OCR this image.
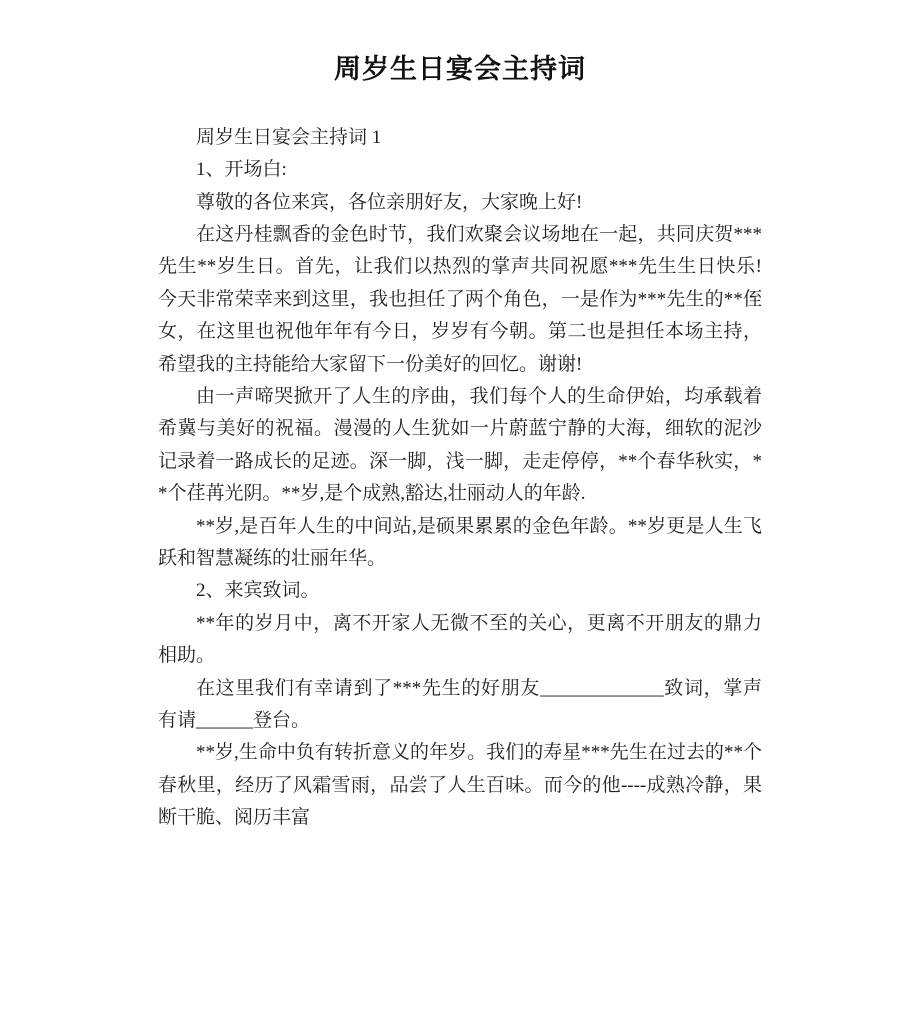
周岁生日宴会主持词

周岁生日宴会主持词 1

1、开场白:

尊敬的各位来宾，各位亲朋好友，大家晚上好!

在这丹桂飘香的金色时节，我们欢聚会议场地在一起，共同庆贺***先生**岁生日。首先，让我们以热烈的掌声共同祝愿***先生生日快乐!今天非常荣幸来到这里，我也担任了两个角色，一是作为***先生的**侄女，在这里也祝他年年有今日，岁岁有今朝。第二也是担任本场主持，希望我的主持能给大家留下一份美好的回忆。谢谢!

由一声啼哭掀开了人生的序曲，我们每个人的生命伊始，均承载着希冀与美好的祝福。漫漫的人生犹如一片蔚蓝宁静的大海，细软的泥沙记录着一路成长的足迹。深一脚，浅一脚，走走停停，**个春华秋实，**个荏苒光阴。**岁,是个成熟,豁达,壮丽动人的年龄.

**岁,是百年人生的中间站,是硕果累累的金色年龄。**岁更是人生飞跃和智慧凝练的壮丽年华。

2、来宾致词。

**年的岁月中，离不开家人无微不至的关心，更离不开朋友的鼎力相助。

在这里我们有幸请到了***先生的好朋友_____________致词，掌声有请______登台。

**岁,生命中负有转折意义的年岁。我们的寿星***先生在过去的**个春秋里，经历了风霜雪雨，品尝了人生百味。而今的他----成熟冷静，果断干脆、阅历丰富
